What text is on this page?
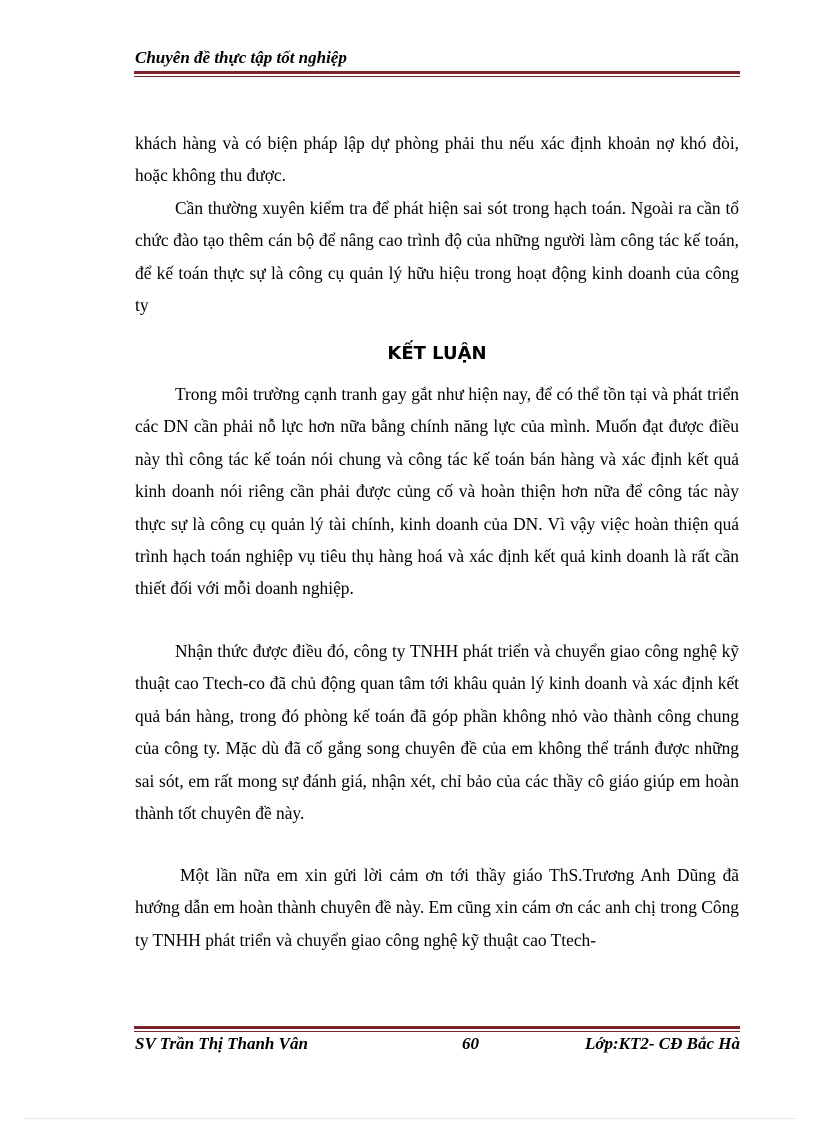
Chuyên đề thực tập tốt nghiệp

khách hàng và có biện pháp lập dự phòng phải thu nếu xác định khoản nợ khó đòi, hoặc không thu được.

Cần thường xuyên kiểm tra để phát hiện sai sót trong hạch toán. Ngoài ra cần tổ chức đào tạo thêm cán bộ để nâng cao trình độ của những người làm công tác kế toán, để kế toán thực sự là công cụ quản lý hữu hiệu trong hoạt động kinh doanh của công ty

KẾT LUẬN

Trong môi trường cạnh tranh gay gắt như hiện nay, để có thể tồn tại và phát triển các DN cần phải nỗ lực hơn nữa bằng chính năng lực của mình. Muốn đạt được điều này thì công tác kế toán nói chung và công tác kế toán bán hàng và xác định kết quả kinh doanh nói riêng cần phải được củng cố và hoàn thiện hơn nữa để công tác này thực sự là công cụ quản lý tài chính, kinh doanh của DN. Vì vậy việc hoàn thiện quá trình hạch toán nghiệp vụ tiêu thụ hàng hoá và xác định kết quả kinh doanh là rất cần thiết đối với mỗi doanh nghiệp.

Nhận thức được điều đó, công ty TNHH phát triển và chuyển giao công nghệ kỹ thuật cao Ttech-co đã chủ động quan tâm tới khâu quản lý kinh doanh và xác định kết quả bán hàng, trong đó phòng kế toán đã góp phần không nhỏ vào thành công chung của công ty. Mặc dù đã cố gắng song chuyên đề của em không thể tránh được những sai sót, em rất mong sự đánh giá, nhận xét, chỉ bảo của các thầy cô giáo giúp em hoàn thành tốt chuyên đề này.

Một lần nữa em xin gửi lời cảm ơn tới thầy giáo ThS.Trương Anh Dũng đã hướng dẫn em hoàn thành chuyên đề này. Em cũng xin cám ơn các anh chị trong Công ty TNHH phát triển và chuyển giao công nghệ kỹ thuật cao Ttech-

SV Trần Thị Thanh Vân	60	Lớp:KT2- CĐ Bắc Hà
